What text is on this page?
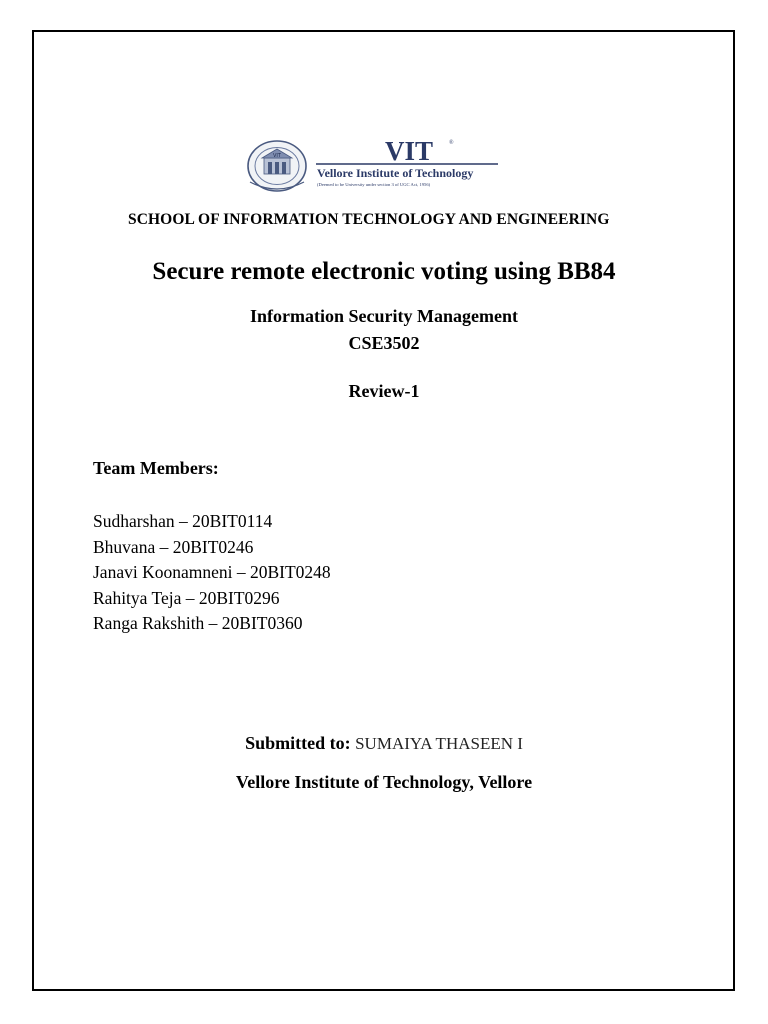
VIT	VIT	®
Vellore Institute of Technology
(Deemed to be University under section 3 of UGC Act, 1956)
SCHOOL OF INFORMATION TECHNOLOGY AND ENGINEERING
Secure remote electronic voting using BB84
Information Security Management
CSE3502
Review-1
Team Members:
Sudharshan – 20BIT0114
Bhuvana – 20BIT0246
Janavi Koonamneni – 20BIT0248
Rahitya Teja – 20BIT0296
Ranga Rakshith – 20BIT0360
Submitted to: SUMAIYA THASEEN I
Vellore Institute of Technology, Vellore
